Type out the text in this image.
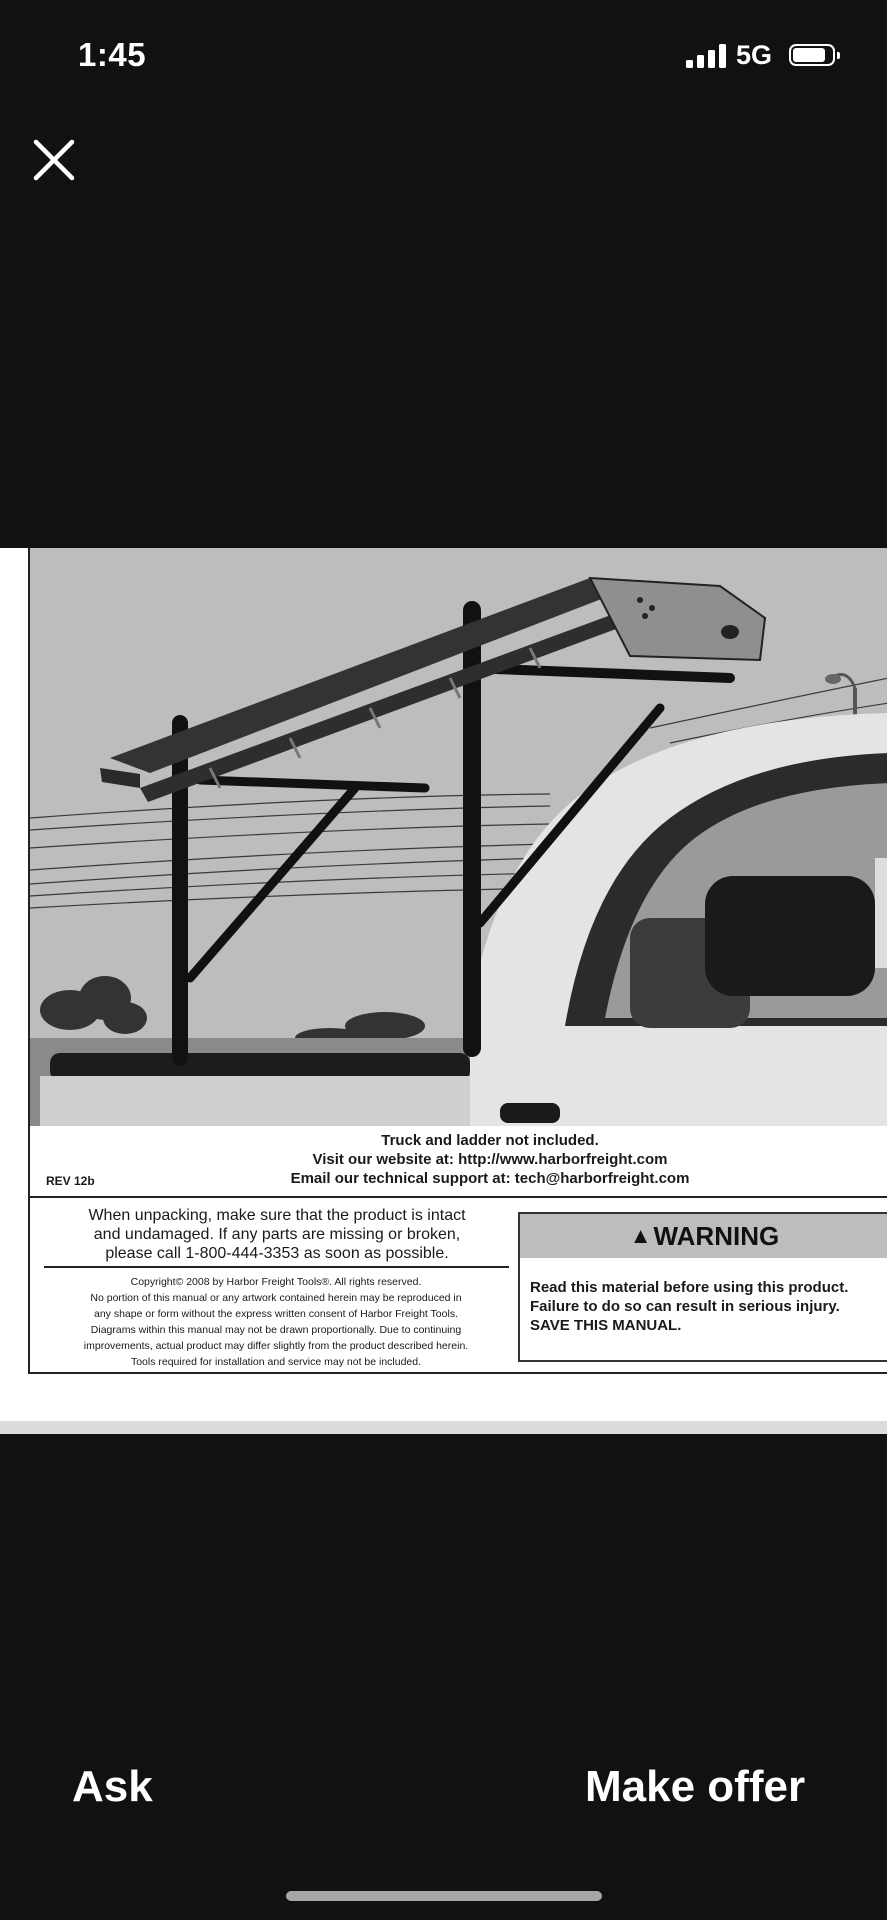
1:45	5G
REV 12b
Truck and ladder not included.
Visit our website at: http://www.harborfreight.com
Email our technical support at: tech@harborfreight.com
When unpacking, make sure that the product is intact
and undamaged. If any parts are missing or broken,
please call 1-800-444-3353 as soon as possible.
Copyright© 2008 by Harbor Freight Tools®. All rights reserved.
No portion of this manual or any artwork contained herein may be reproduced in
any shape or form without the express written consent of Harbor Freight Tools.
Diagrams within this manual may not be drawn proportionally. Due to continuing
improvements, actual product may differ slightly from the product described herein.
Tools required for installation and service may not be included.
▲ WARNING
Read this material before using this product.
Failure to do so can result in serious injury.
SAVE THIS MANUAL.
Ask	Make offer
